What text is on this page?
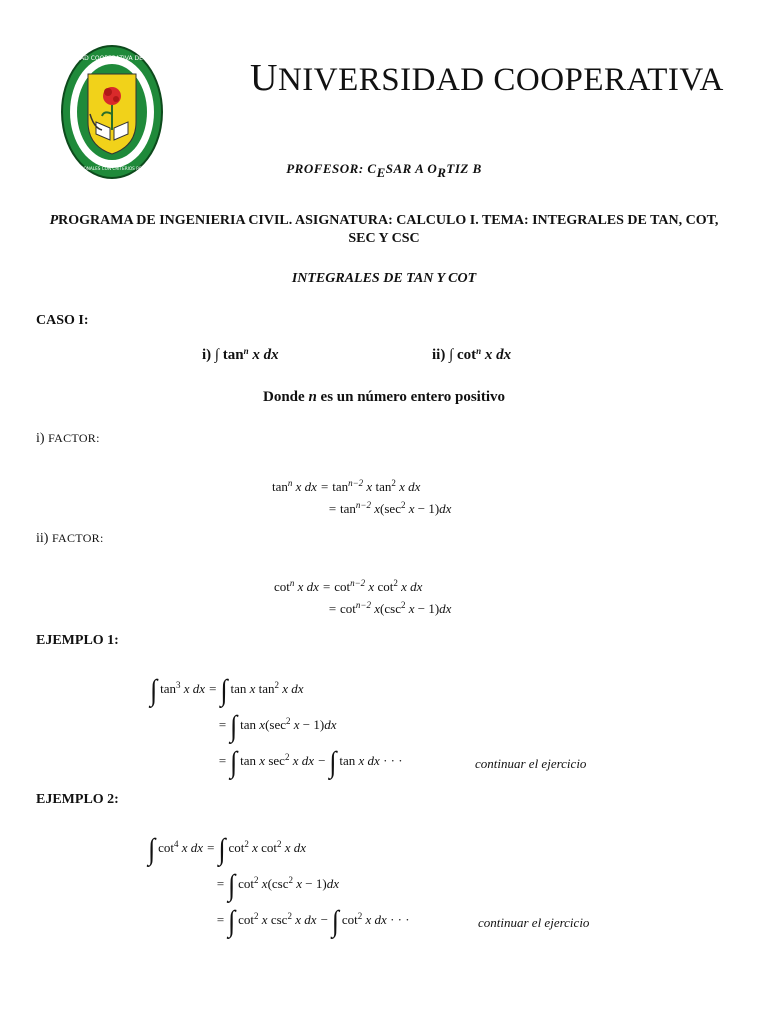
UNIVERSIDAD COOPERATIVA DE COLOMBIA
PROFESIONALES CON CRITERIOS POLÍTICOS
UNIVERSIDAD COOPERATIVA
PROFESOR: CESAR A ORTIZ B
PROGRAMA DE INGENIERIA CIVIL. ASIGNATURA: CALCULO I. TEMA: INTEGRALES DE TAN, COT, SEC Y CSC
INTEGRALES DE TAN Y COT
CASO I:
i) ∫ $\tan^n x$ dx	ii) ∫ $\cot^n x$ dx
Donde n es un número entero positivo
i) FACTOR:
$\tan^n x$ dx = $\tan^{n-2} x$ $\tan^2 x$ dx
= $\tan^{n-2} x(\sec^2$ x − 1)dx
ii) FACTOR:
$\cot^n x$ dx = $\cot^{n-2} x$ $\cot^2 x$ dx
= $\cot^{n-2} x(\csc^2$ x − 1)dx
EJEMPLO 1:
∫ $\tan^3 x$ dx = ∫ tan x $\tan^2 x$ dx
= ∫ $\tan x(\sec^2$ x − 1)dx
= ∫ tan x $\sec^2 x$ dx − ∫ tan x dx · · ·	continuar el ejercicio
EJEMPLO 2:
∫ $\cot^4 x$ dx = ∫ $\cot^2 x$ $\cot^2 x$ dx
= ∫ $\cot^2 x(\csc^2$ x − 1)dx
= ∫ $\cot^2 x$ $\csc^2 x$ dx − ∫ $\cot^2 x$ dx · · ·	continuar el ejercicio
